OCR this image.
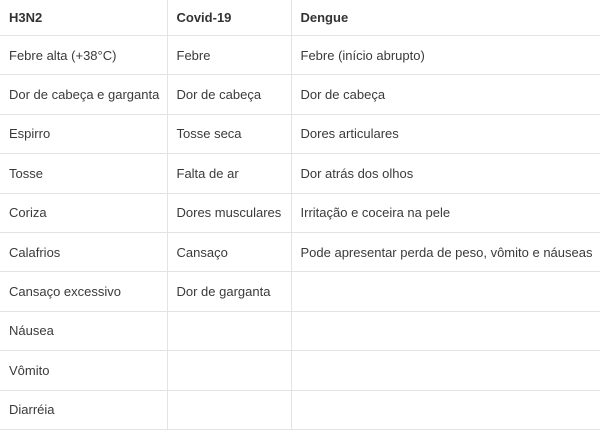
H3N2	Covid-19	Dengue
Febre alta (+38°C)	Febre	Febre (início abrupto)
Dor de cabeça e garganta	Dor de cabeça	Dor de cabeça
Espirro	Tosse seca	Dores articulares
Tosse	Falta de ar	Dor atrás dos olhos
Coriza	Dores musculares	Irritação e coceira na pele
Calafrios	Cansaço	Pode apresentar perda de peso, vômito e náuseas
Cansaço excessivo	Dor de garganta	
Náusea		
Vômito		
Diarréia		
